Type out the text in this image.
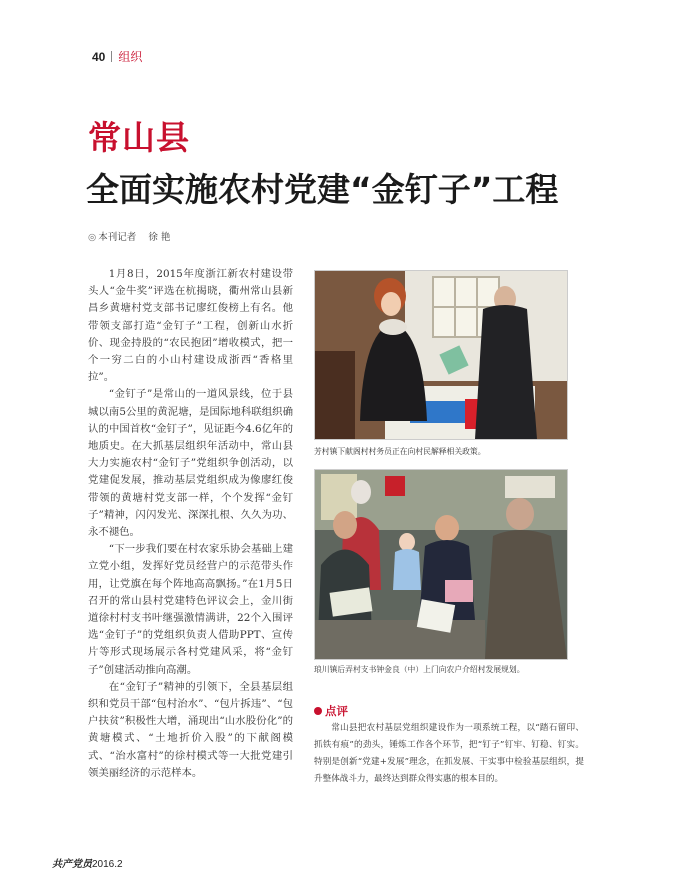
40 组织
常山县
全面实施农村党建“金钉子”工程
◎ 本刊记者 徐 艳

1月8日，2015年度浙江新农村建设带头人“金牛奖”评选在杭揭晓，衢州常山县新昌乡黄塘村党支部书记廖红俊榜上有名。他带领支部打造“金钉子”工程，创新山水折价、现金持股的“农民抱团”增收模式，把一个一穷二白的小山村建设成浙西“香格里拉”。

“金钉子”是常山的一道风景线，位于县城以南5公里的黄泥塘，是国际地科联组织确认的中国首枚“金钉子”，见证距今4.6亿年的地质史。在大抓基层组织年活动中，常山县大力实施农村“金钉子”党组织争创活动，以党建促发展，推动基层党组织成为像廖红俊带领的黄塘村党支部一样，个个发挥“金钉子”精神，闪闪发光、深深扎根、久久为功、永不褪色。

“下一步我们要在村农家乐协会基础上建立党小组，发挥好党员经营户的示范带头作用，让党旗在每个阵地高高飘扬。”在1月5日召开的常山县村党建特色评议会上，金川街道徐村村支书叶继强激情满讲，22个入围评选“金钉子”的党组织负责人借助PPT、宣传片等形式现场展示各村党建风采，将“金钉子”创建活动推向高潮。

在“金钉子”精神的引领下，全县基层组织和党员干部“包村治水”、“包片拆违”、“包户扶贫”积极性大增，涌现出“山水股份化”的黄塘模式、“土地折价入股”的下献阁模式、“治水富村”的徐村模式等一大批党建引领美丽经济的示范样本。

芳村镇下献阁村村务员正在向村民解释相关政策。
琅川镇后弄村支书钟金良（中）上门向农户介绍村发展规划。
点评

常山县把农村基层党组织建设作为一项系统工程，以“踏石留印、抓铁有痕”的劲头，锤炼工作各个环节，把“钉子”钉牢、钉稳、钉实。特别是创新“党建+发展”理念，在抓发展、干实事中检验基层组织，提升整体战斗力，最终达到群众得实惠的根本目的。

共产党员2016.2
